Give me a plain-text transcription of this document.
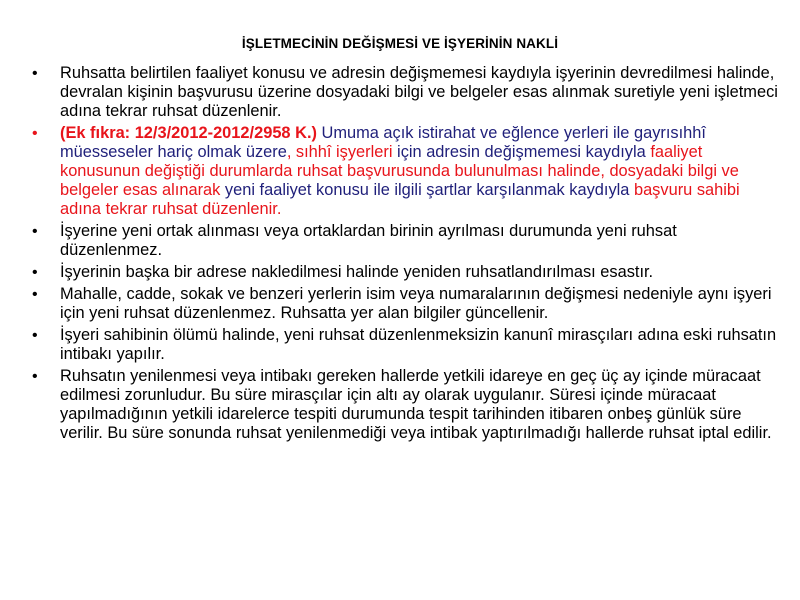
İŞLETMECİNİN DEĞİŞMESİ VE İŞYERİNİN NAKLİ
• Ruhsatta belirtilen faaliyet konusu ve adresin değişmemesi kaydıyla işyerinin devredilmesi halinde, devralan kişinin başvurusu üzerine dosyadaki bilgi ve belgeler esas alınmak suretiyle yeni işletmeci adına tekrar ruhsat düzenlenir.
• (Ek fıkra: 12/3/2012-2012/2958 K.) Umuma açık istirahat ve eğlence yerleri ile gayrısıhhî müesseseler hariç olmak üzere, sıhhî işyerleri için adresin değişmemesi kaydıyla faaliyet konusunun değiştiği durumlarda ruhsat başvurusunda bulunulması halinde, dosyadaki bilgi ve belgeler esas alınarak yeni faaliyet konusu ile ilgili şartlar karşılanmak kaydıyla başvuru sahibi adına tekrar ruhsat düzenlenir.
• İşyerine yeni ortak alınması veya ortaklardan birinin ayrılması durumunda yeni ruhsat düzenlenmez.
• İşyerinin başka bir adrese nakledilmesi halinde yeniden ruhsatlandırılması esastır.
• Mahalle, cadde, sokak ve benzeri yerlerin isim veya numaralarının değişmesi nedeniyle aynı işyeri için yeni ruhsat düzenlenmez. Ruhsatta yer alan bilgiler güncellenir.
• İşyeri sahibinin ölümü halinde, yeni ruhsat düzenlenmeksizin kanunî mirasçıları adına eski ruhsatın intibakı yapılır.
• Ruhsatın yenilenmesi veya intibakı gereken hallerde yetkili idareye en geç üç ay içinde müracaat edilmesi zorunludur. Bu süre mirasçılar için altı ay olarak uygulanır. Süresi içinde müracaat yapılmadığının yetkili idarelerce tespiti durumunda tespit tarihinden itibaren onbeş günlük süre verilir. Bu süre sonunda ruhsat yenilenmediği veya intibak yaptırılmadığı hallerde ruhsat iptal edilir.
